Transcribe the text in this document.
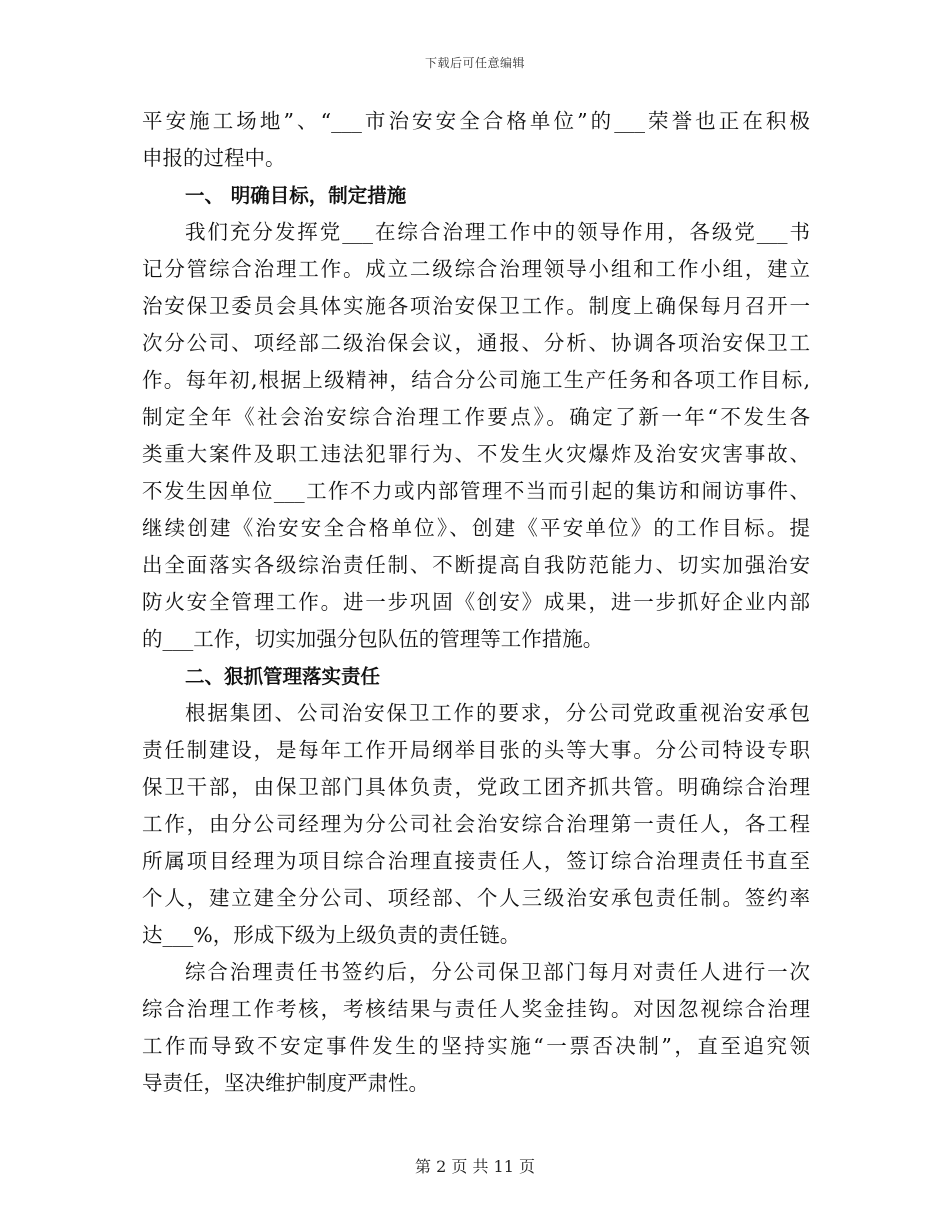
下载后可任意编辑
平安施工场地”、“___市治安安全合格单位”的___荣誉也正在积极
申报的过程中。
一、 明确目标，制定措施
我们充分发挥党___在综合治理工作中的领导作用，各级党___书
记分管综合治理工作。成立二级综合治理领导小组和工作小组，建立
治安保卫委员会具体实施各项治安保卫工作。制度上确保每月召开一
次分公司、项经部二级治保会议，通报、分析、协调各项治安保卫工
作。每年初,根据上级精神，结合分公司施工生产任务和各项工作目标,
制定全年《社会治安综合治理工作要点》。确定了新一年“不发生各
类重大案件及职工违法犯罪行为、不发生火灾爆炸及治安灾害事故、
不发生因单位___工作不力或内部管理不当而引起的集访和闹访事件、
继续创建《治安安全合格单位》、创建《平安单位》的工作目标。提
出全面落实各级综治责任制、不断提高自我防范能力、切实加强治安
防火安全管理工作。进一步巩固《创安》成果，进一步抓好企业内部
的___工作，切实加强分包队伍的管理等工作措施。
二、狠抓管理落实责任
根据集团、公司治安保卫工作的要求，分公司党政重视治安承包
责任制建设，是每年工作开局纲举目张的头等大事。分公司特设专职
保卫干部，由保卫部门具体负责，党政工团齐抓共管。明确综合治理
工作，由分公司经理为分公司社会治安综合治理第一责任人，各工程
所属项目经理为项目综合治理直接责任人，签订综合治理责任书直至
个人，建立建全分公司、项经部、个人三级治安承包责任制。签约率
达___%，形成下级为上级负责的责任链。
综合治理责任书签约后，分公司保卫部门每月对责任人进行一次
综合治理工作考核，考核结果与责任人奖金挂钩。对因忽视综合治理
工作而导致不安定事件发生的坚持实施“一票否决制”，直至追究领
导责任，坚决维护制度严肃性。
第 2 页 共 11 页
